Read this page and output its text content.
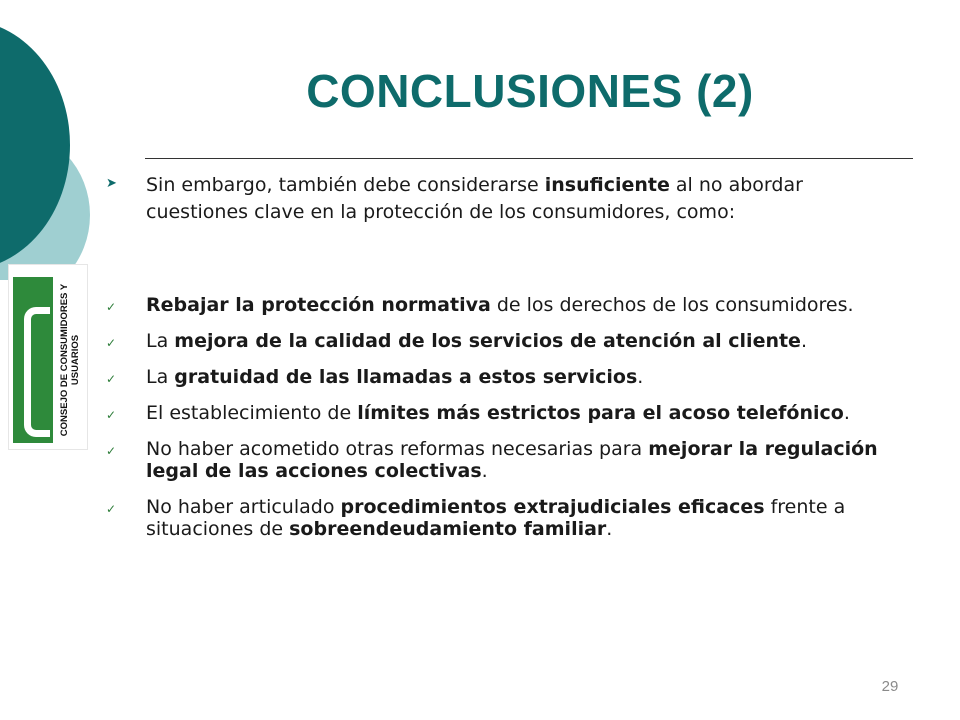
CONSEJO DE CONSUMIDORES Y USUARIOS
CONCLUSIONES (2)
➤ Sin embargo, también debe considerarse insuficiente al no abordar cuestiones clave en la protección de los consumidores, como:

✓ Rebajar la protección normativa de los derechos de los consumidores.
✓ La mejora de la calidad de los servicios de atención al cliente.
✓ La gratuidad de las llamadas a estos servicios.
✓ El establecimiento de límites más estrictos para el acoso telefónico.
✓ No haber acometido otras reformas necesarias para mejorar la regulación legal de las acciones colectivas.
✓ No haber articulado procedimientos extrajudiciales eficaces frente a situaciones de sobreendeudamiento familiar.
29
